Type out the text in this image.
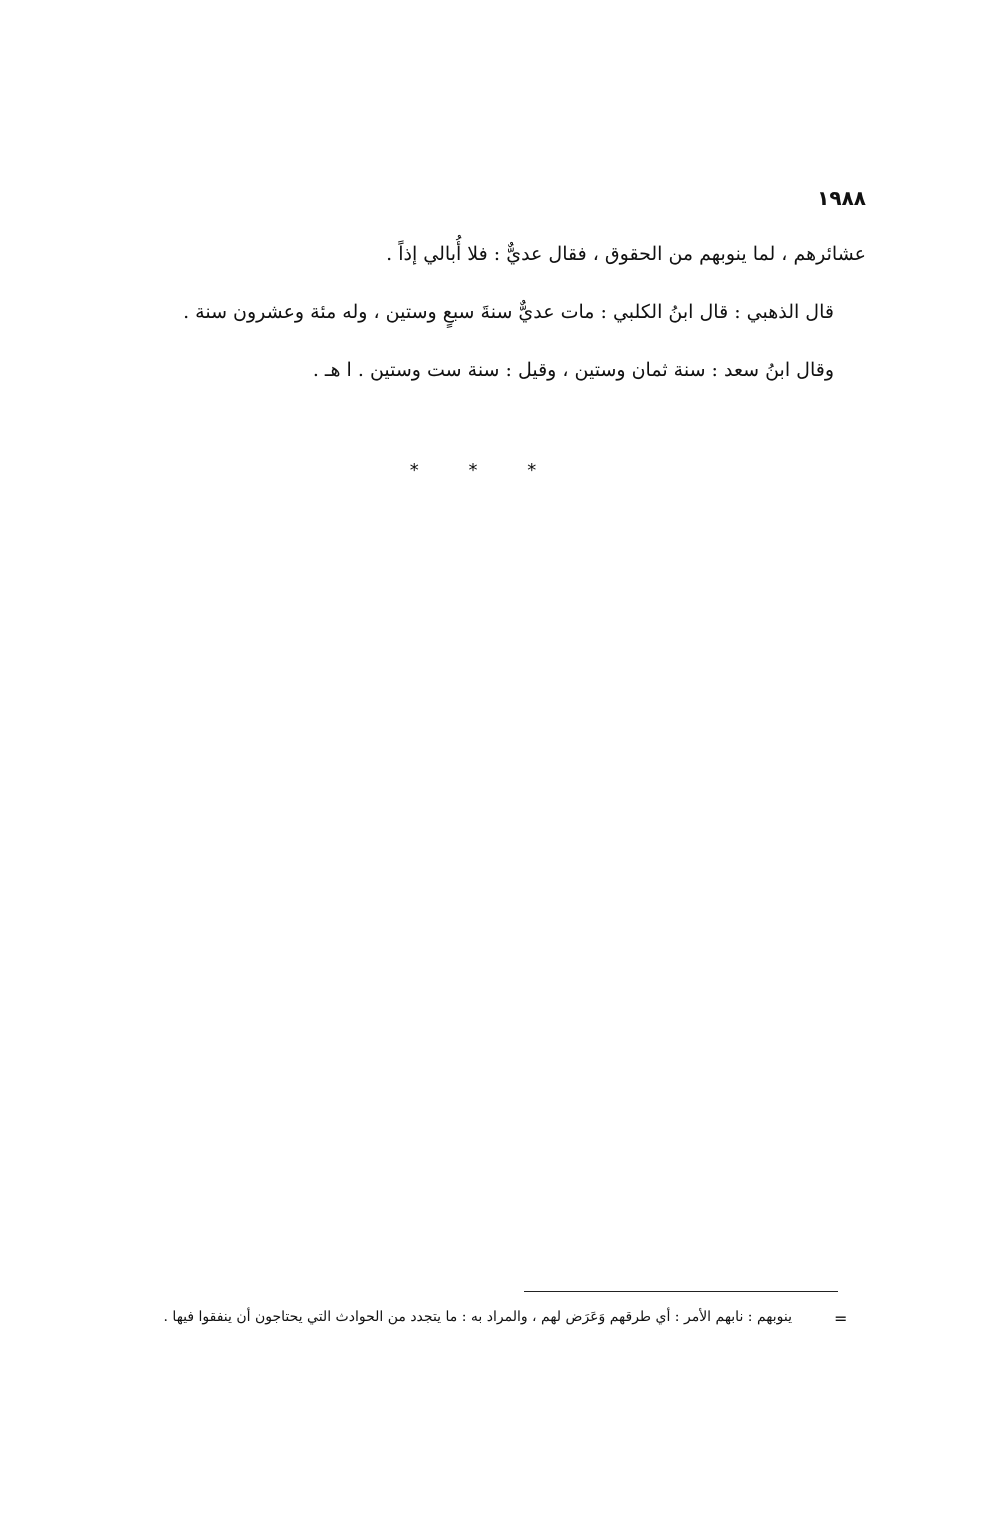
١٩٨٨
عشائرهم ، لما ينوبهم من الحقوق ، فقال عديٌّ : فلا أُبالي إذاً .
قال الذهبي : قال ابنُ الكلبي : مات عديٌّ سنةَ سبعٍ وستين ، وله مئة وعشرون سنة .
وقال ابنُ سعد : سنة ثمان وستين ، وقيل : سنة ست وستين . ا هـ .
* * *
=
ينوبهم : نابهم الأمر : أي طرقهم وَعَرَض لهم ، والمراد به : ما يتجدد من الحوادث التي يحتاجون أن ينفقوا فيها .
